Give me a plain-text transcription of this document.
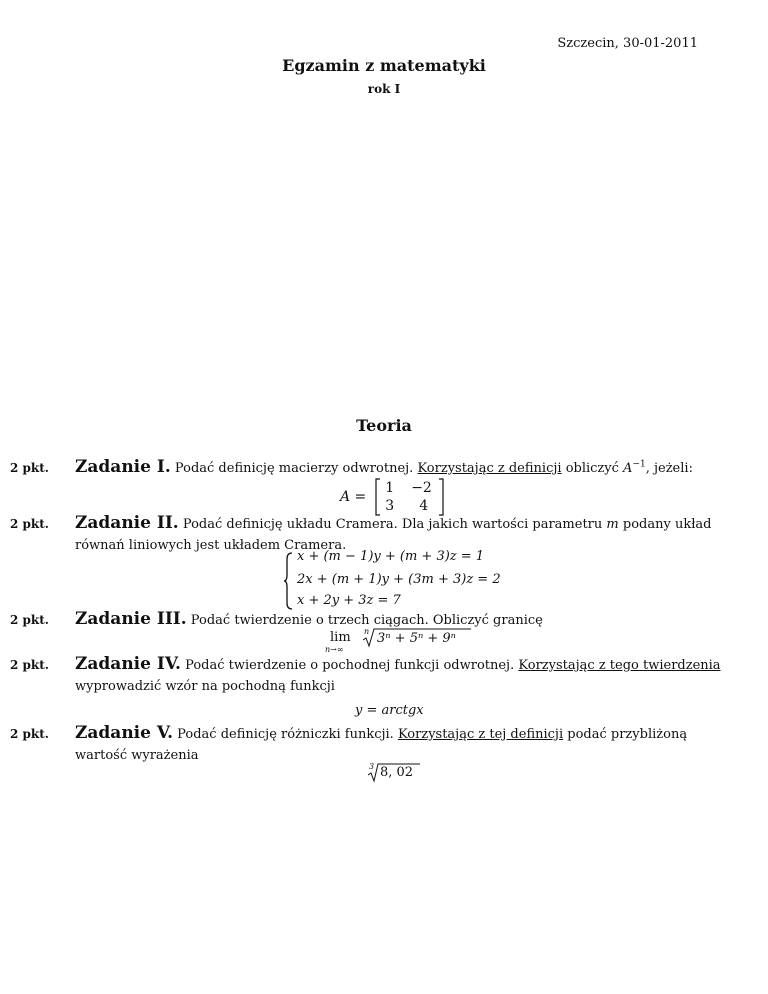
Szczecin, 30-01-2011
Egzamin z matematyki
rok I
Teoria
2 pkt. Zadanie I. Podać definicję macierzy odwrotnej. Korzystając z definicji obliczyć $A^{-1}$, jeżeli:
A =
1 −2
3 4

2 pkt. Zadanie II. Podać definicję układu Cramera. Dla jakich wartości parametru m podany układ
równań liniowych jest układem Cramera.
x + (m − 1)y + (m + 3)z = 1
2x + (m + 1)y + (3m + 3)z = 2
x + 2y + 3z = 7
2 pkt. Zadanie III. Podać twierdzenie o trzech ciągach. Obliczyć granicę
lim
n→∞
n 3ⁿ + 5ⁿ + 9ⁿ
2 pkt. Zadanie IV. Podać twierdzenie o pochodnej funkcji odwrotnej. Korzystając z tego twierdzenia
wyprowadzić wzór na pochodną funkcji
y = arctgx
2 pkt. Zadanie V. Podać definicję różniczki funkcji. Korzystając z tej definicji podać przybliżoną
wartość wyrażenia
3 8, 02
